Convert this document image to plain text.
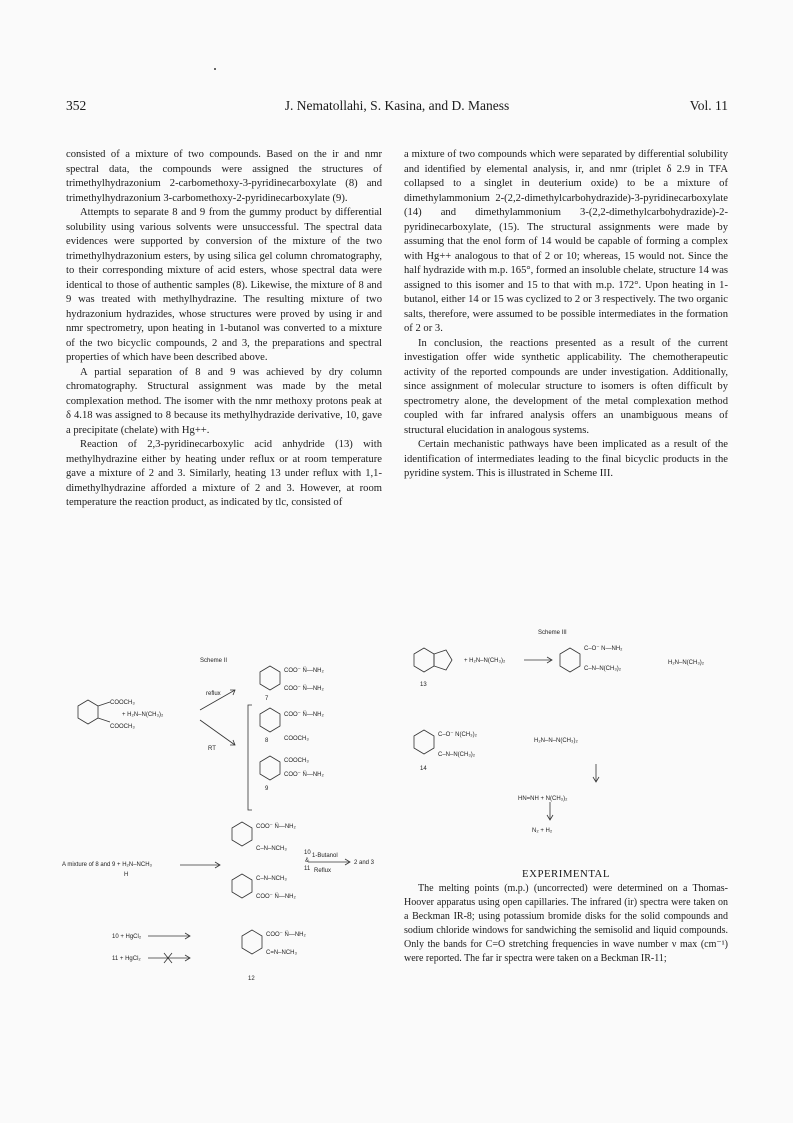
352	J. Nematollahi, S. Kasina, and D. Maness	Vol. 11

consisted of a mixture of two compounds. Based on the ir and nmr spectral data, the compounds were assigned the structures of trimethylhydrazonium 2-carbomethoxy-3-pyridinecarboxylate (8) and trimethylhydrazonium 3-carbomethoxy-2-pyridinecarboxylate (9).

Attempts to separate 8 and 9 from the gummy product by differential solubility using various solvents were unsuccessful. The spectral data evidences were supported by conversion of the mixture of the two trimethylhydrazonium esters, by using silica gel column chromatography, to their corresponding mixture of acid esters, whose spectral data were identical to those of authentic samples (8). Likewise, the mixture of 8 and 9 was treated with methylhydrazine. The resulting mixture of two hydrazonium hydrazides, whose structures were proved by using ir and nmr spectrometry, upon heating in 1-butanol was converted to a mixture of the two bicyclic compounds, 2 and 3, the preparations and spectral properties of which have been described above.

A partial separation of 8 and 9 was achieved by dry column chromatography. Structural assignment was made by the metal complexation method. The isomer with the nmr methoxy protons peak at δ 4.18 was assigned to 8 because its methylhydrazide derivative, 10, gave a precipitate (chelate) with Hg++.

Reaction of 2,3-pyridinecarboxylic acid anhydride (13) with methylhydrazine either by heating under reflux or at room temperature gave a mixture of 2 and 3. Similarly, heating 13 under reflux with 1,1-dimethylhydrazine afforded a mixture of 2 and 3. However, at room temperature the reaction product, as indicated by tlc, consisted of

a mixture of two compounds which were separated by differential solubility and identified by elemental analysis, ir, and nmr (triplet δ 2.9 in TFA collapsed to a singlet in deuterium oxide) to be a mixture of dimethylammonium 2-(2,2-dimethylcarbohydrazide)-3-pyridinecarboxylate (14) and dimethylammonium 3-(2,2-dimethylcarbohydrazide)-2-pyridinecarboxylate, (15). The structural assignments were made by assuming that the enol form of 14 would be capable of forming a complex with Hg++ analogous to that of 2 or 10; whereas, 15 would not. Since the half hydrazide with m.p. 165°, formed an insoluble chelate, structure 14 was assigned to this isomer and 15 to that with m.p. 172°. Upon heating in 1-butanol, either 14 or 15 was cyclized to 2 or 3 respectively. The two organic salts, therefore, were assumed to be possible intermediates in the formation of 2 or 3.

In conclusion, the reactions presented as a result of the current investigation offer wide synthetic applicability. The chemotherapeutic activity of the reported compounds are under investigation. Additionally, since assignment of molecular structure to isomers is often difficult by spectrometry alone, the development of the metal complexation method coupled with far infrared analysis offers an unambiguous means of structural elucidation in analogous systems.

Certain mechanistic pathways have been implicated as a result of the identification of intermediates leading to the final bicyclic products in the pyridine system. This is illustrated in Scheme III.

Scheme II
reflux
RT
+ H₂N–N(CH₃)₂
COOCH₃
COOCH₃
COO⁻ N̈—NH₂
COO⁻ N̈—NH₂
COO⁻ N̈—NH₂
COOCH₃
COOCH₃
COO⁻ N̈—NH₂
COO⁻ N̈—NH₂
C–N–NCH₃
C–N–NCH₃
COO⁻ N̈—NH₂
COO⁻ N̈—NH₂
C=N–NCH₃
A mixture of 8 and 9 + H₂N–NCH₃
H
1-Butanol
Reflux
2 and 3
10 + HgCl₂
11 + HgCl₂
7
8
9
10
&
11
12
Scheme III
+ H₂N–N(CH₃)₂
C–O⁻ N—NH₂
C–N–N(CH₃)₂
H₂N–N(CH₃)₂
C–O⁻ N(CH₃)₂
C–N–N(CH₃)₂
H₂N–N–N(CH₃)₂
HN=NH + N(CH₃)₂
N₂ + H₂
13
14
EXPERIMENTAL

The melting points (m.p.) (uncorrected) were determined on a Thomas-Hoover apparatus using open capillaries. The infrared (ir) spectra were taken on a Beckman IR-8; using potassium bromide disks for the solid compounds and sodium chloride windows for sandwiching the semisolid and liquid compounds. Only the bands for C=O stretching frequencies in wave number ν max (cm⁻¹) were reported. The far ir spectra were taken on a Beckman IR-11;
